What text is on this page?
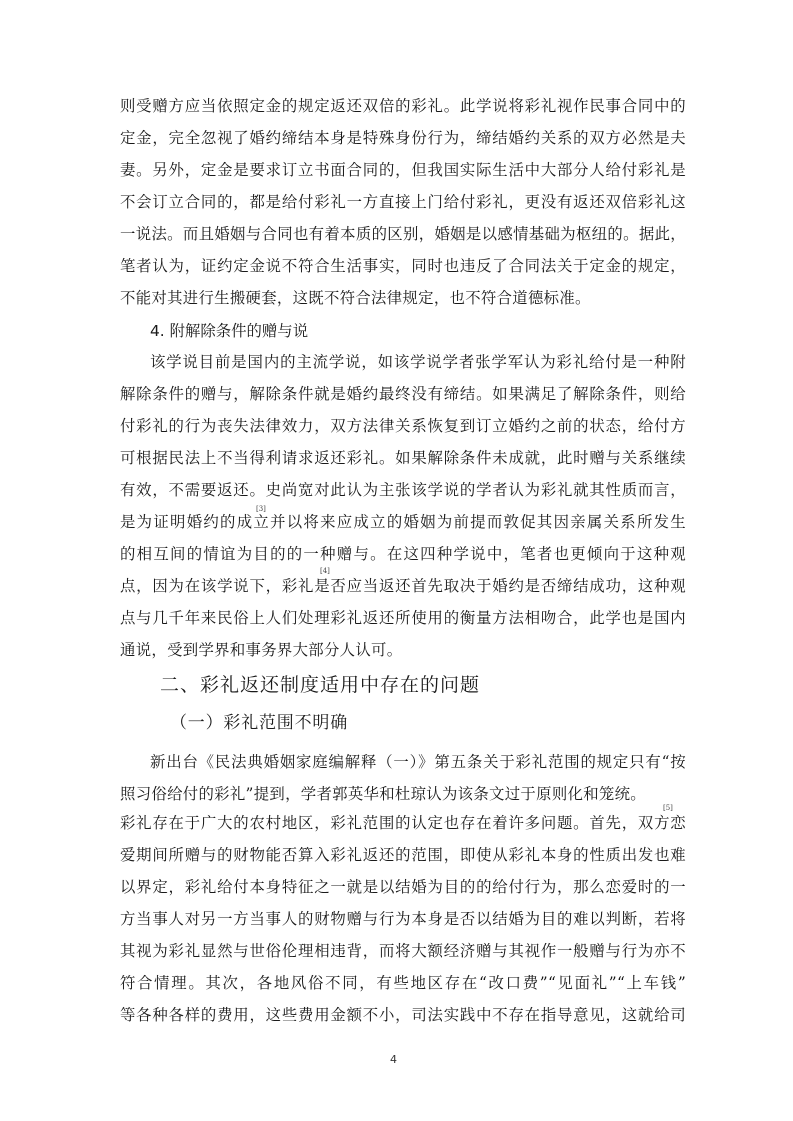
则受赠方应当依照定金的规定返还双倍的彩礼。此学说将彩礼视作民事合同中的
定金，完全忽视了婚约缔结本身是特殊身份行为，缔结婚约关系的双方必然是夫
妻。另外，定金是要求订立书面合同的，但我国实际生活中大部分人给付彩礼是
不会订立合同的，都是给付彩礼一方直接上门给付彩礼，更没有返还双倍彩礼这
一说法。而且婚姻与合同也有着本质的区别，婚姻是以感情基础为枢纽的。据此，
笔者认为，证约定金说不符合生活事实，同时也违反了合同法关于定金的规定，
不能对其进行生搬硬套，这既不符合法律规定，也不符合道德标准。
4. 附解除条件的赠与说
该学说目前是国内的主流学说，如该学说学者张学军认为彩礼给付是一种附
解除条件的赠与，解除条件就是婚约最终没有缔结。如果满足了解除条件，则给
付彩礼的行为丧失法律效力，双方法律关系恢复到订立婚约之前的状态，给付方
可根据民法上不当得利请求返还彩礼。如果解除条件未成就，此时赠与关系继续
有效，不需要返还。史尚宽对此认为主张该学说的学者认为彩礼就其性质而言，
是为证明婚约的成立并以将来应成立的婚姻为前提而敦促其因亲属关系所发生
的相互间的情谊为目的的一种赠与。在这四种学说中，笔者也更倾向于这种观
点，因为在该学说下，彩礼是否应当返还首先取决于婚约是否缔结成功，这种观
点与几千年来民俗上人们处理彩礼返还所使用的衡量方法相吻合，此学也是国内
通说，受到学界和事务界大部分人认可。
[3]
[4]
二、彩礼返还制度适用中存在的问题
（一）彩礼范围不明确
新出台《民法典婚姻家庭编解释（一）》第五条关于彩礼范围的规定只有“按
照习俗给付的彩礼”提到，学者郭英华和杜琼认为该条文过于原则化和笼统。
彩礼存在于广大的农村地区，彩礼范围的认定也存在着许多问题。首先，双方恋
爱期间所赠与的财物能否算入彩礼返还的范围，即使从彩礼本身的性质出发也难
以界定，彩礼给付本身特征之一就是以结婚为目的的给付行为，那么恋爱时的一
方当事人对另一方当事人的财物赠与行为本身是否以结婚为目的难以判断，若将
其视为彩礼显然与世俗伦理相违背，而将大额经济赠与其视作一般赠与行为亦不
符合情理。其次，各地风俗不同，有些地区存在“改口费”“见面礼”“上车钱”
等各种各样的费用，这些费用金额不小，司法实践中不存在指导意见，这就给司
[5]
4
